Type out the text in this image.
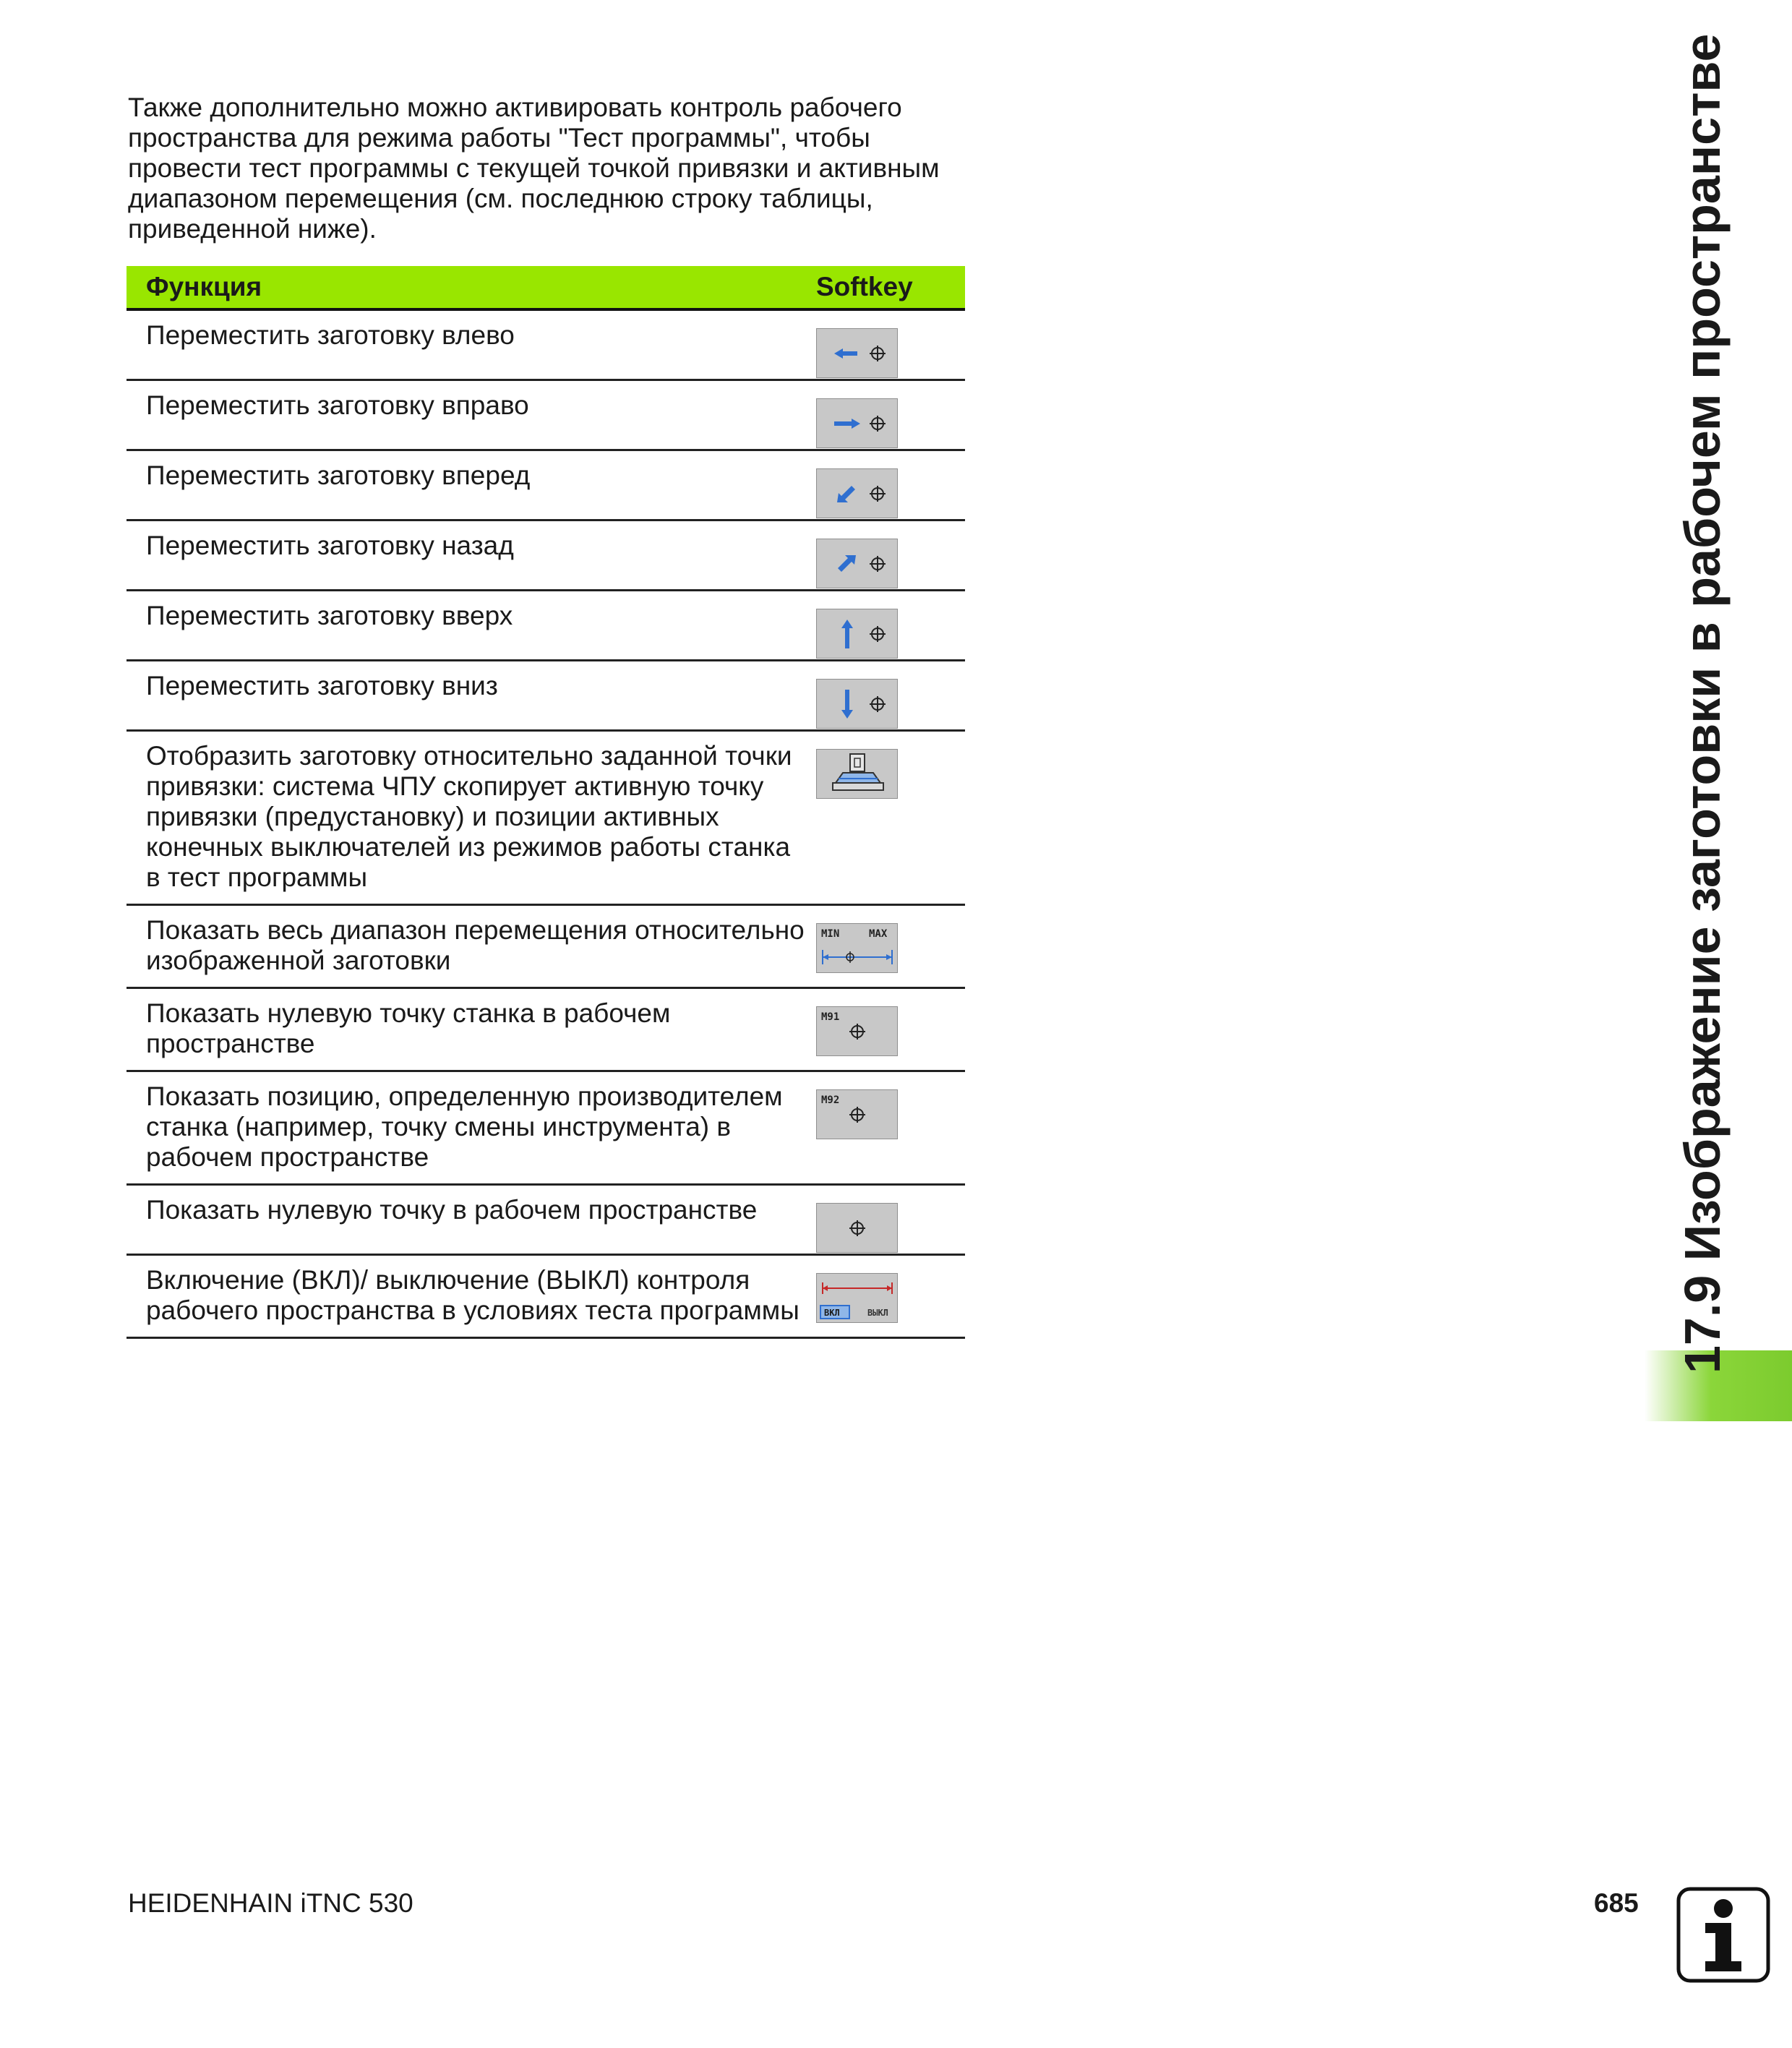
Также дополнительно можно активировать контроль рабочего пространства для режима работы "Тест программы", чтобы провести тест программы с текущей точкой привязки и активным диапазоном перемещения (см. последнюю строку таблицы, приведенной ниже).

Функция	Softkey
Переместить заготовку влево	

Переместить заготовку вправо	

Переместить заготовку вперед	

Переместить заготовку назад	

Переместить заготовку вверх	

Переместить заготовку вниз	

Отобразить заготовку относительно заданной точки привязки: система ЧПУ скопирует активную точку привязки (предустановку) и позиции активных конечных выключателей из режимов работы станка в тест программы	

Показать весь диапазон перемещения относительно изображенной заготовки	MIN MAX

Показать нулевую точку станка в рабочем пространстве	M91

Показать позицию, определенную производителем станка (например, точку смены инструмента) в рабочем пространстве	M92

Показать нулевую точку в рабочем пространстве	

Включение (ВКЛ)/ выключение (ВЫКЛ) контроля рабочего пространства в условиях теста программы	ВКЛ ВЫКЛ	17.9 Изображение заготовки в рабочем пространстве

HEIDENHAIN iTNC 530	685
